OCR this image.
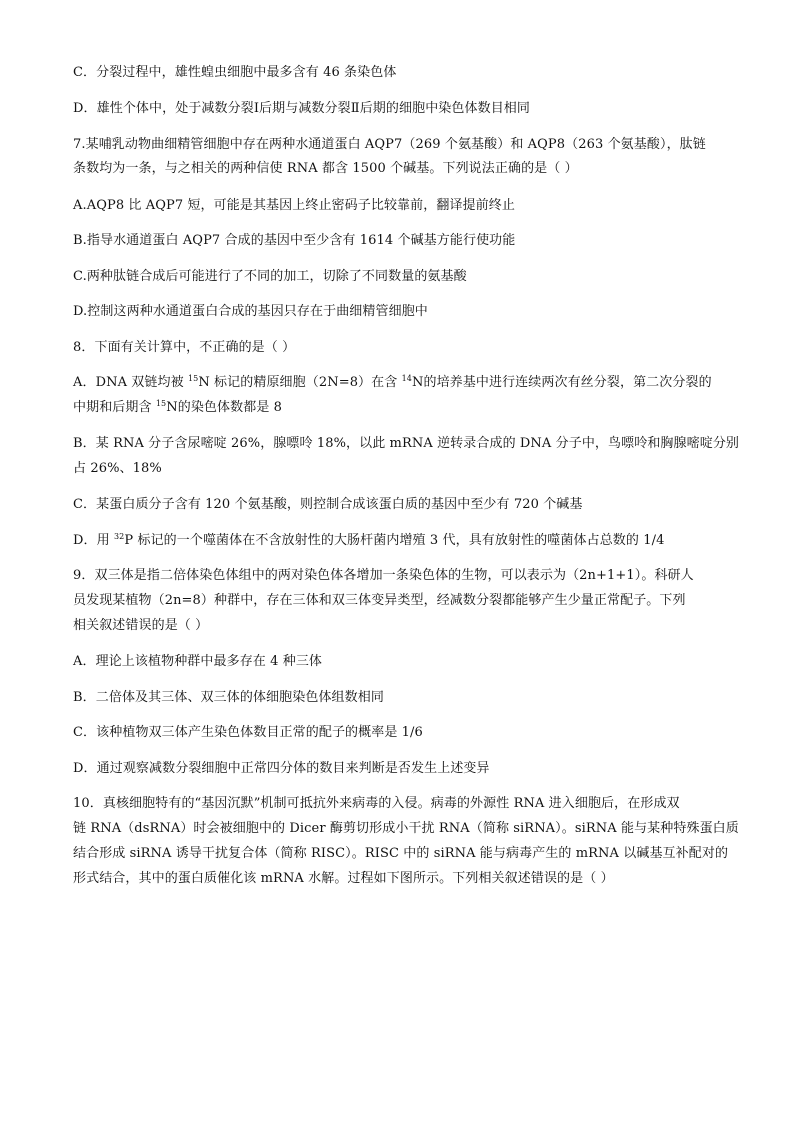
C．分裂过程中，雄性蝗虫细胞中最多含有 46 条染色体
D．雄性个体中，处于减数分裂Ⅰ后期与减数分裂Ⅱ后期的细胞中染色体数目相同
7.某哺乳动物曲细精管细胞中存在两种水通道蛋白 AQP7（269 个氨基酸）和 AQP8（263 个氨基酸），肽链
条数均为一条，与之相关的两种信使 RNA 都含 1500 个碱基。下列说法正确的是（ ）
A.AQP8 比 AQP7 短，可能是其基因上终止密码子比较靠前，翻译提前终止
B.指导水通道蛋白 AQP7 合成的基因中至少含有 1614 个碱基方能行使功能
C.两种肽链合成后可能进行了不同的加工，切除了不同数量的氨基酸
D.控制这两种水通道蛋白合成的基因只存在于曲细精管细胞中
8．下面有关计算中，不正确的是（ ）
A．DNA 双链均被 $^{15}$N 标记的精原细胞（2N=8）在含 $^{14}$N的培养基中进行连续两次有丝分裂，第二次分裂的
中期和后期含 $^{15}$N的染色体数都是 8
B．某 RNA 分子含尿嘧啶 26%，腺嘌呤 18%，以此 mRNA 逆转录合成的 DNA 分子中，鸟嘌呤和胸腺嘧啶分别
占 26%、18%
C．某蛋白质分子含有 120 个氨基酸，则控制合成该蛋白质的基因中至少有 720 个碱基
D．用 $^{32}$P 标记的一个噬菌体在不含放射性的大肠杆菌内增殖 3 代，具有放射性的噬菌体占总数的 1/4
9．双三体是指二倍体染色体组中的两对染色体各增加一条染色体的生物，可以表示为（2n+1+1）。科研人
员发现某植物（2n=8）种群中，存在三体和双三体变异类型，经减数分裂都能够产生少量正常配子。下列
相关叙述错误的是（ ）
A．理论上该植物种群中最多存在 4 种三体
B．二倍体及其三体、双三体的体细胞染色体组数相同
C．该种植物双三体产生染色体数目正常的配子的概率是 1/6
D．通过观察减数分裂细胞中正常四分体的数目来判断是否发生上述变异
10．真核细胞特有的“基因沉默”机制可抵抗外来病毒的入侵。病毒的外源性 RNA 进入细胞后，在形成双
链 RNA（dsRNA）时会被细胞中的 Dicer 酶剪切形成小干扰 RNA（简称 siRNA）。siRNA 能与某种特殊蛋白质
结合形成 siRNA 诱导干扰复合体（简称 RISC）。RISC 中的 siRNA 能与病毒产生的 mRNA 以碱基互补配对的
形式结合，其中的蛋白质催化该 mRNA 水解。过程如下图所示。下列相关叙述错误的是（ ）
